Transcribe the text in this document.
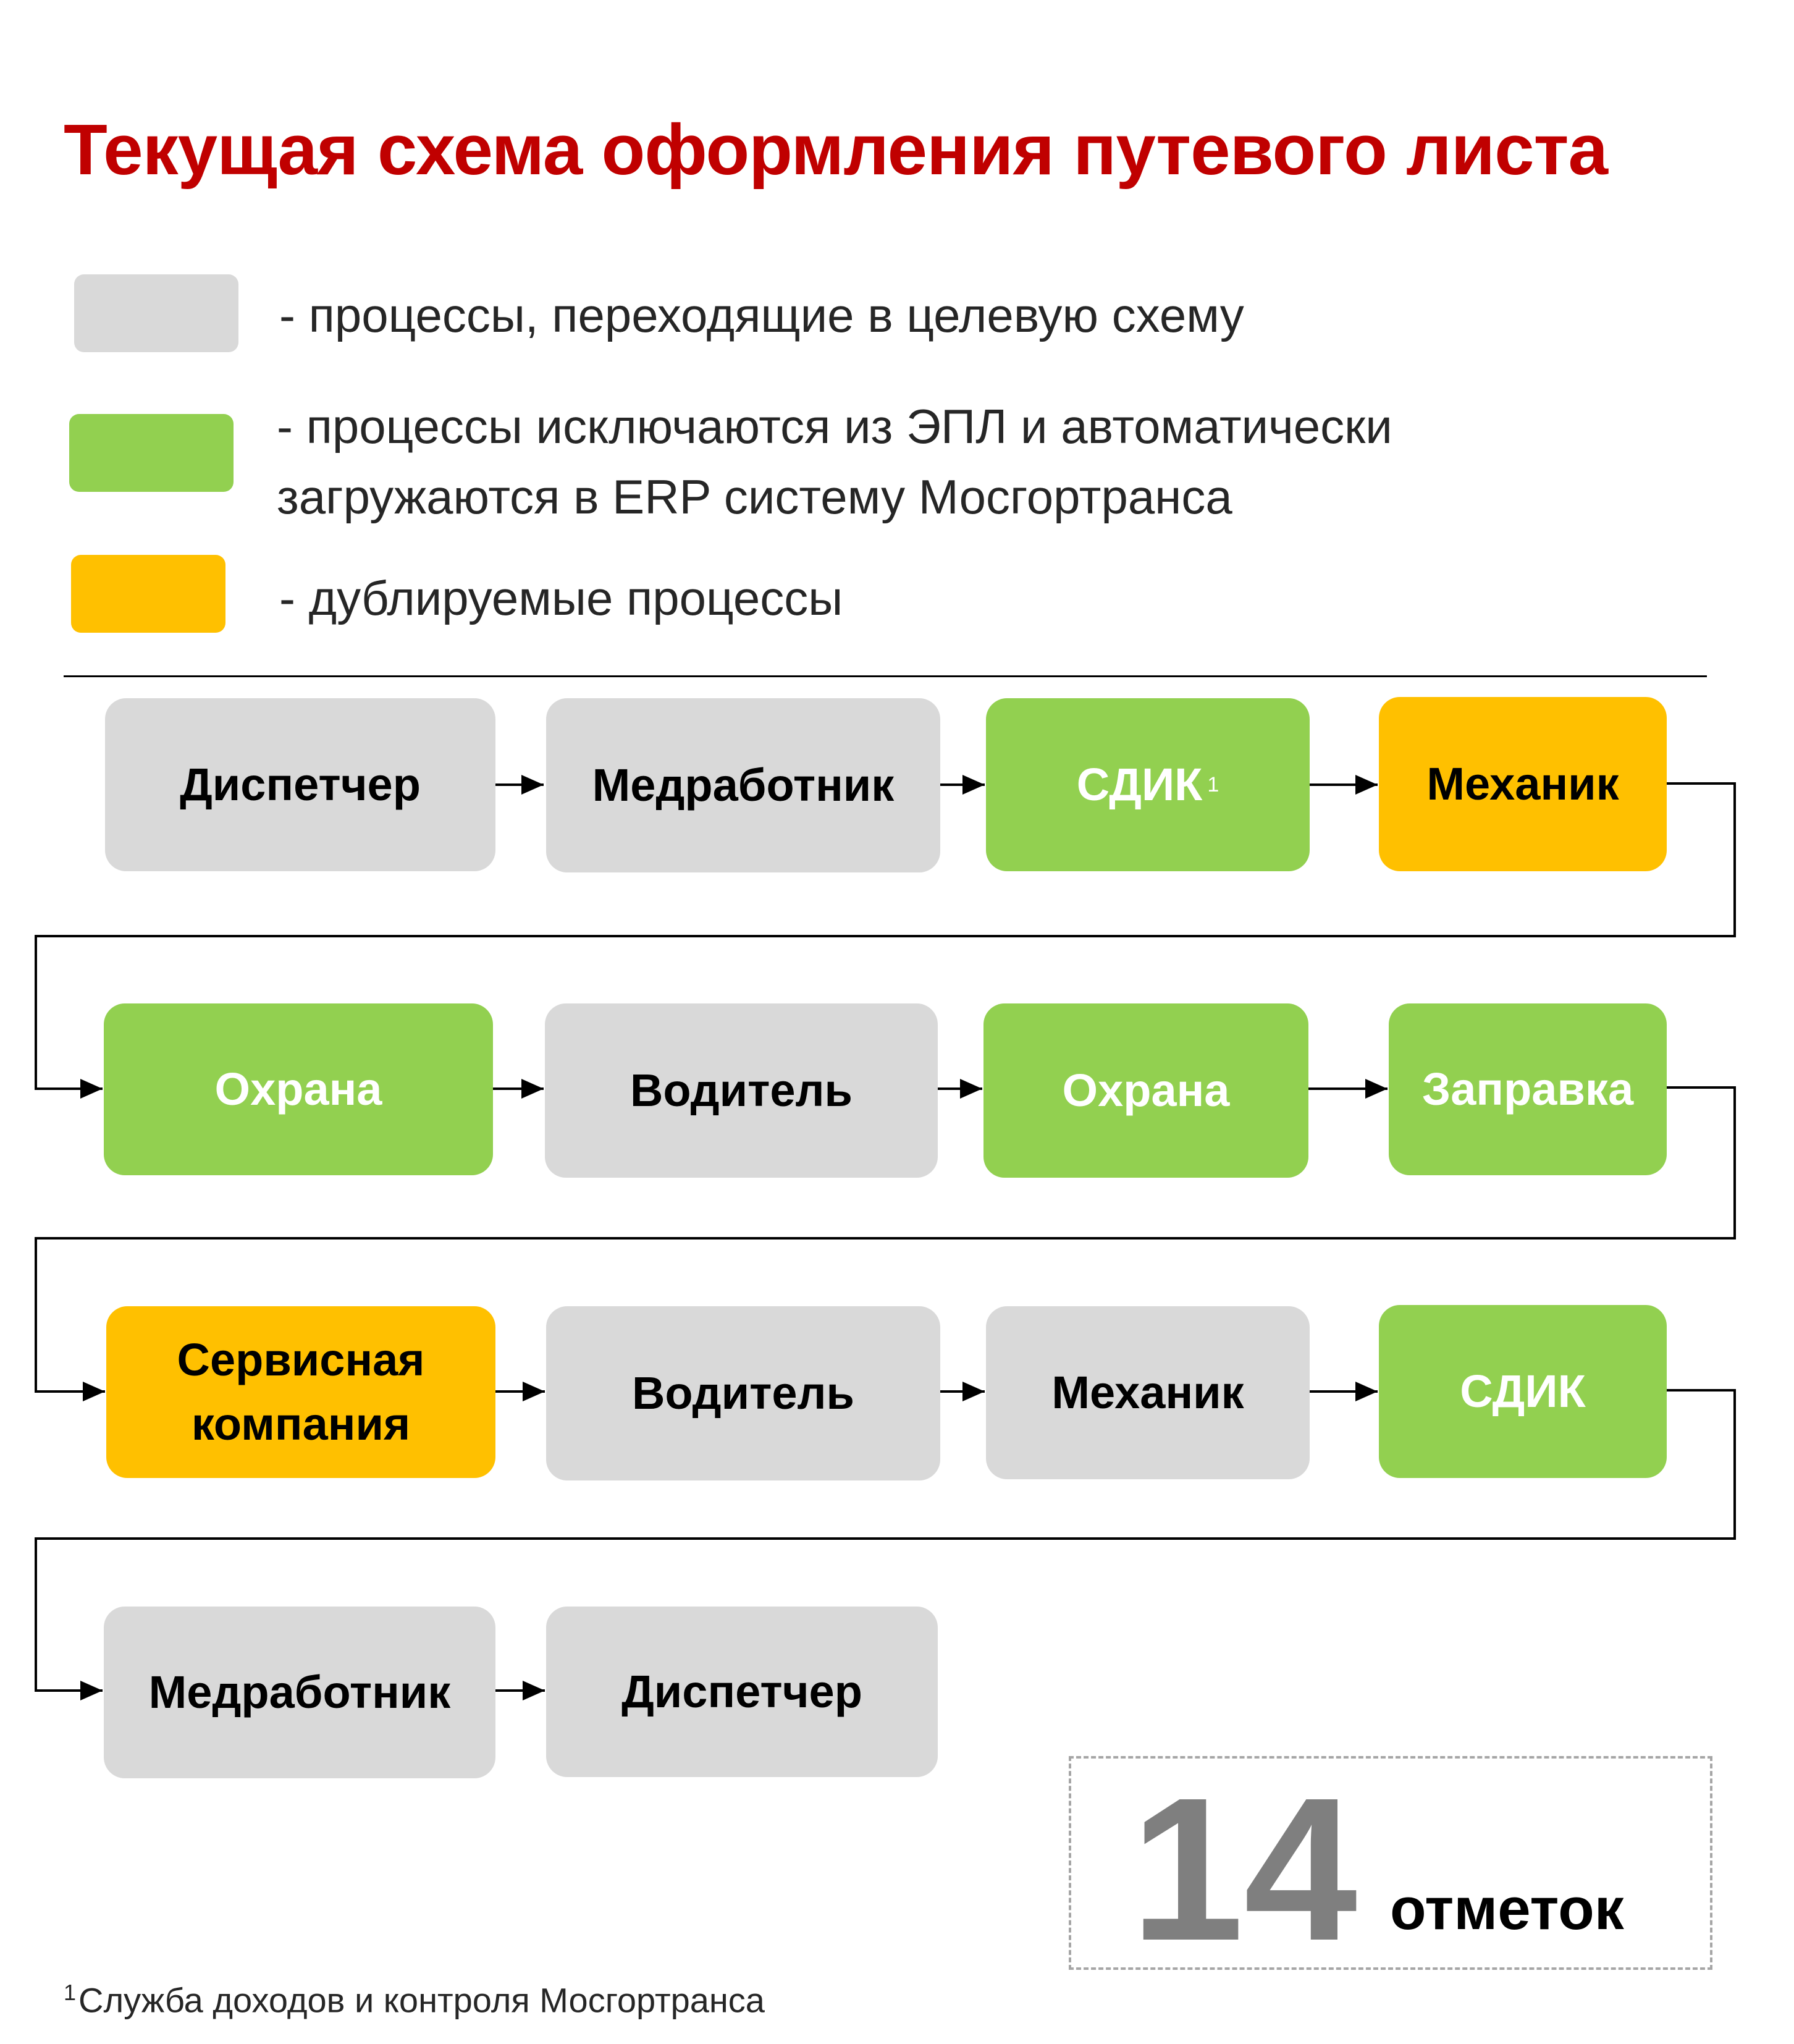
Текущая схема оформления путевого листа
- процессы, переходящие в целевую схему
- процессы исключаются из ЭПЛ и автоматически
загружаются в ERP систему Мосгортранса
- дублируемые процессы
Диспетчер	Медработник	СДИК 1	Механик
Охрана	Водитель	Охрана	Заправка
Сервисная
компания
Водитель	Механик	СДИК
Медработник	Диспетчер
14 отметок
$^1$Служба доходов и контроля Мосгортранса
